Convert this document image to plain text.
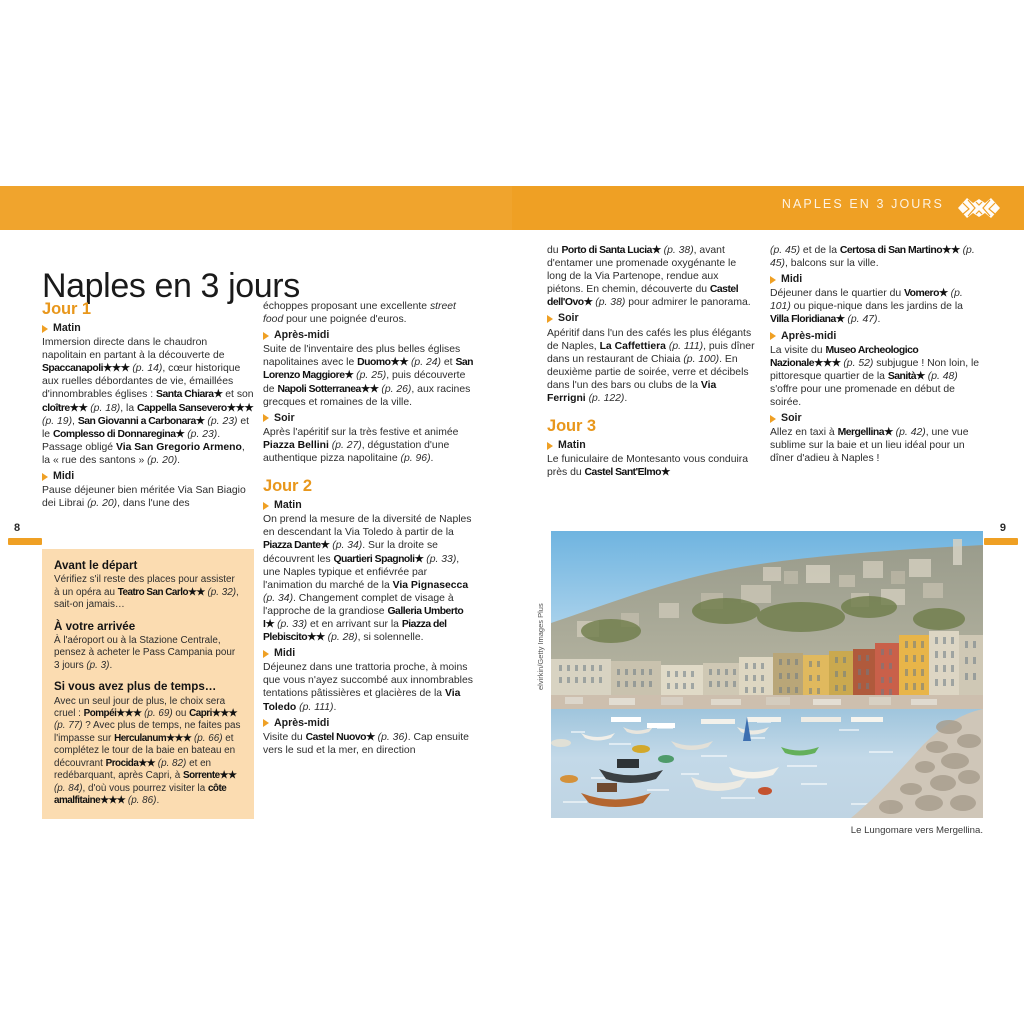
NAPLES EN 3 JOURS
8	9
Naples en 3 jours
Jour 1
Matin

Immersion directe dans le chaudron napolitain en partant à la découverte de Spaccanapoli★★★ (p. 14), cœur historique aux ruelles débordantes de vie, émaillées d'innombrables églises : Santa Chiara★ et son cloître★★ (p. 18), la Cappella Sansevero★★★ (p. 19), San Giovanni a Carbonara★ (p. 23) et le Complesso di Donnaregina★ (p. 23). Passage obligé Via San Gregorio Armeno, la « rue des santons » (p. 20).

Midi

Pause déjeuner bien méritée Via San Biagio dei Librai (p. 20), dans l'une des

Avant le départ

Vérifiez s'il reste des places pour assister à un opéra au Teatro San Carlo★★ (p. 32), sait-on jamais…

À votre arrivée

À l'aéroport ou à la Stazione Centrale, pensez à acheter le Pass Campania pour 3 jours (p. 3).

Si vous avez plus de temps…

Avec un seul jour de plus, le choix sera cruel : Pompéi★★★ (p. 69) ou Capri★★★ (p. 77) ? Avec plus de temps, ne faites pas l'impasse sur Herculanum★★★ (p. 66) et complétez le tour de la baie en bateau en découvrant Procida★★ (p. 82) et en redébarquant, après Capri, à Sorrente★★ (p. 84), d'où vous pourrez visiter la côte amalfitaine★★★ (p. 86).

échoppes proposant une excellente street food pour une poignée d'euros.

Après-midi

Suite de l'inventaire des plus belles églises napolitaines avec le Duomo★★ (p. 24) et San Lorenzo Maggiore★ (p. 25), puis découverte de Napoli Sotterranea★★ (p. 26), aux racines grecques et romaines de la ville.

Soir

Après l'apéritif sur la très festive et animée Piazza Bellini (p. 27), dégustation d'une authentique pizza napolitaine (p. 96).

Jour 2
Matin

On prend la mesure de la diversité de Naples en descendant la Via Toledo à partir de la Piazza Dante★ (p. 34). Sur la droite se découvrent les Quartieri Spagnoli★ (p. 33), une Naples typique et enfiévrée par l'animation du marché de la Via Pignasecca (p. 34). Changement complet de visage à l'approche de la grandiose Galleria Umberto I★ (p. 33) et en arrivant sur la Piazza del Plebiscito★★ (p. 28), si solennelle.

Midi

Déjeunez dans une trattoria proche, à moins que vous n'ayez succombé aux innombrables tentations pâtissières et glacières de la Via Toledo (p. 111).

Après-midi

Visite du Castel Nuovo★ (p. 36). Cap ensuite vers le sud et la mer, en direction

du Porto di Santa Lucia★ (p. 38), avant d'entamer une promenade oxygénante le long de la Via Partenope, rendue aux piétons. En chemin, découverte du Castel dell'Ovo★ (p. 38) pour admirer le panorama.

Soir

Apéritif dans l'un des cafés les plus élégants de Naples, La Caffettiera (p. 111), puis dîner dans un restaurant de Chiaia (p. 100). En deuxième partie de soirée, verre et décibels dans l'un des bars ou clubs de la Via Ferrigni (p. 122).

Jour 3
Matin

Le funiculaire de Montesanto vous conduira près du Castel Sant'Elmo★

(p. 45) et de la Certosa di San Martino★★ (p. 45), balcons sur la ville.

Midi

Déjeuner dans le quartier du Vomero★ (p. 101) ou pique-nique dans les jardins de la Villa Floridiana★ (p. 47).

Après-midi

La visite du Museo Archeologico Nazionale★★★ (p. 52) subjugue ! Non loin, le pittoresque quartier de la Sanità★ (p. 48) s'offre pour une promenade en début de soirée.

Soir

Allez en taxi à Mergellina★ (p. 42), une vue sublime sur la baie et un lieu idéal pour un dîner d'adieu à Naples !

elvirkin/Getty Images Plus
Le Lungomare vers Mergellina.
